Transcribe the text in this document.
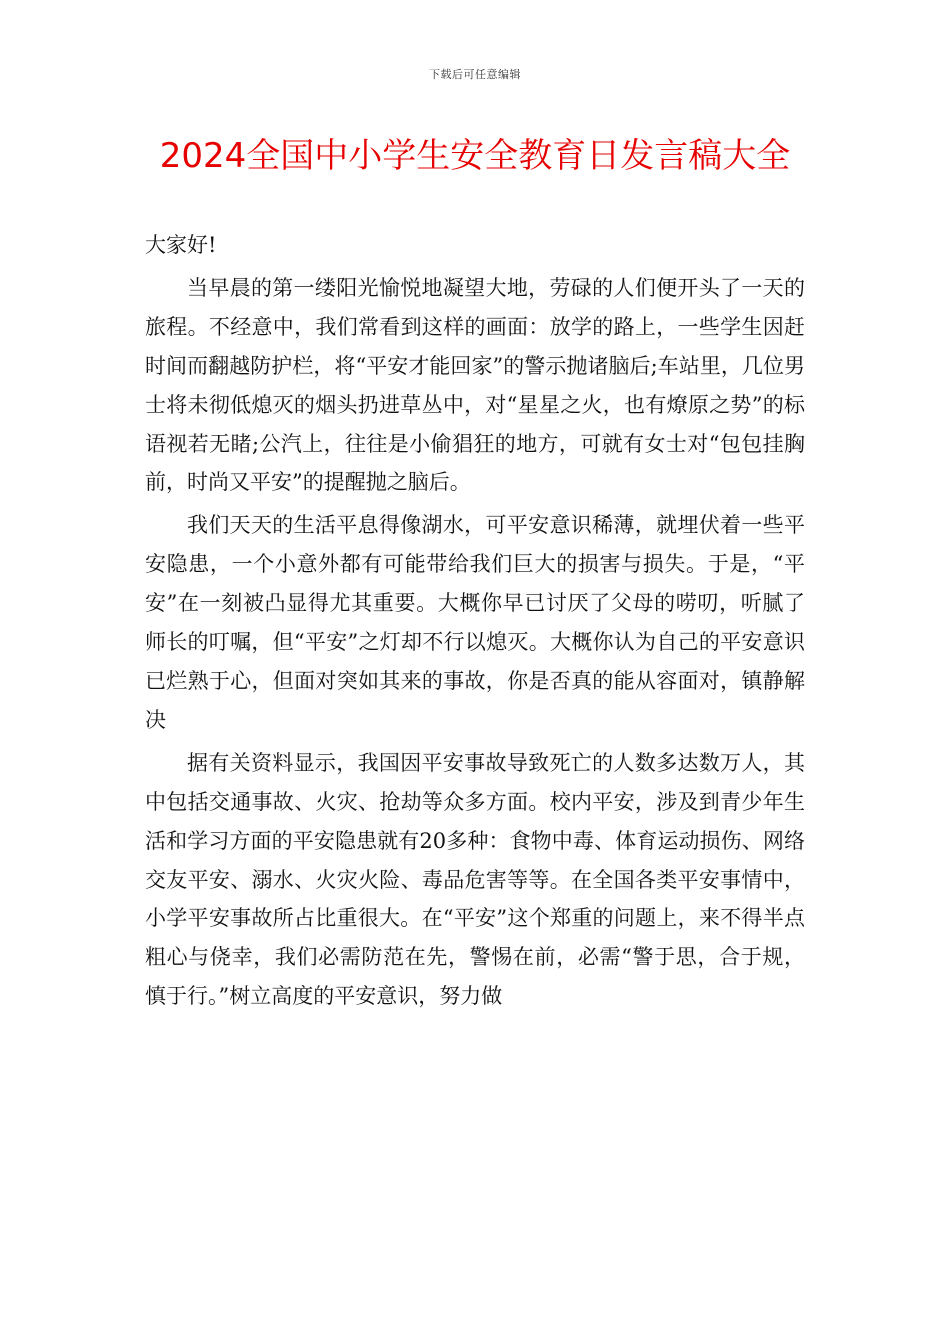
下载后可任意编辑
2024全国中小学生安全教育日发言稿大全

大家好!

当早晨的第一缕阳光愉悦地凝望大地，劳碌的人们便开头了一天的旅程。不经意中，我们常看到这样的画面：放学的路上，一些学生因赶时间而翻越防护栏，将“平安才能回家”的警示抛诸脑后;车站里，几位男士将未彻低熄灭的烟头扔进草丛中，对“星星之火，也有燎原之势”的标语视若无睹;公汽上，往往是小偷猖狂的地方，可就有女士对“包包挂胸前，时尚又平安”的提醒抛之脑后。

我们天天的生活平息得像湖水，可平安意识稀薄，就埋伏着一些平安隐患，一个小意外都有可能带给我们巨大的损害与损失。于是，“平安”在一刻被凸显得尤其重要。大概你早已讨厌了父母的唠叨，听腻了师长的叮嘱，但“平安”之灯却不行以熄灭。大概你认为自己的平安意识已烂熟于心，但面对突如其来的事故，你是否真的能从容面对，镇静解决

据有关资料显示，我国因平安事故导致死亡的人数多达数万人，其中包括交通事故、火灾、抢劫等众多方面。校内平安，涉及到青少年生活和学习方面的平安隐患就有20多种：食物中毒、体育运动损伤、网络交友平安、溺水、火灾火险、毒品危害等等。在全国各类平安事情中，小学平安事故所占比重很大。在“平安”这个郑重的问题上，来不得半点粗心与侥幸，我们必需防范在先，警惕在前，必需“警于思，合于规，慎于行。”树立高度的平安意识，努力做
